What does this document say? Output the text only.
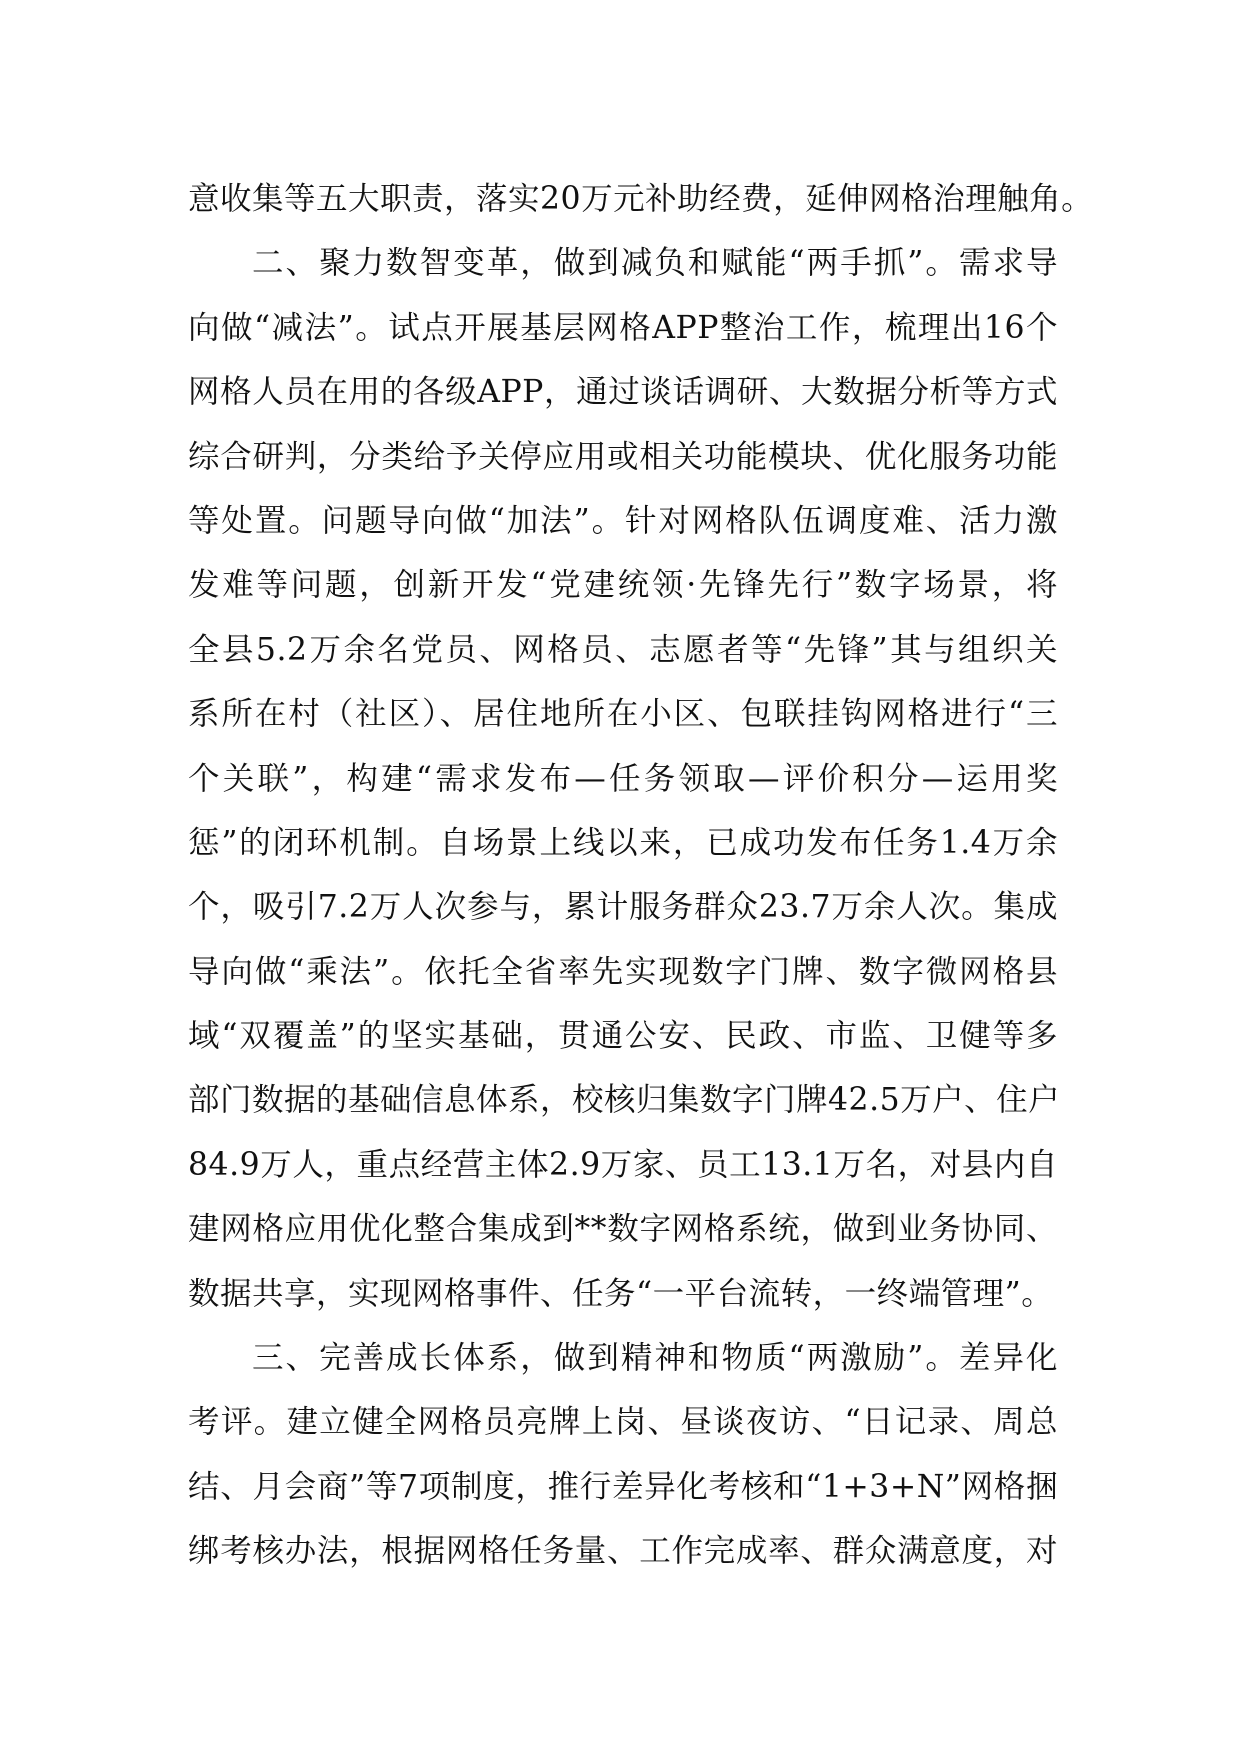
意收集等五大职责，落实20万元补助经费，延伸网格治理触角。
二、聚力数智变革，做到减负和赋能“两手抓”。需求导
向做“减法”。试点开展基层网格APP整治工作，梳理出16个
网格人员在用的各级APP，通过谈话调研、大数据分析等方式
综合研判，分类给予关停应用或相关功能模块、优化服务功能
等处置。问题导向做“加法”。针对网格队伍调度难、活力激
发难等问题，创新开发“党建统领·先锋先行”数字场景，将
全县5.2万余名党员、网格员、志愿者等“先锋”其与组织关
系所在村（社区）、居住地所在小区、包联挂钩网格进行“三
个关联”，构建“需求发布—任务领取—评价积分—运用奖
惩”的闭环机制。自场景上线以来，已成功发布任务1.4万余
个，吸引7.2万人次参与，累计服务群众23.7万余人次。集成
导向做“乘法”。依托全省率先实现数字门牌、数字微网格县
域“双覆盖”的坚实基础，贯通公安、民政、市监、卫健等多
部门数据的基础信息体系，校核归集数字门牌42.5万户、住户
84.9万人，重点经营主体2.9万家、员工13.1万名，对县内自
建网格应用优化整合集成到**数字网格系统，做到业务协同、
数据共享，实现网格事件、任务“一平台流转，一终端管理”。
三、完善成长体系，做到精神和物质“两激励”。差异化
考评。建立健全网格员亮牌上岗、昼谈夜访、“日记录、周总
结、月会商”等7项制度，推行差异化考核和“1+3+N”网格捆
绑考核办法，根据网格任务量、工作完成率、群众满意度，对
